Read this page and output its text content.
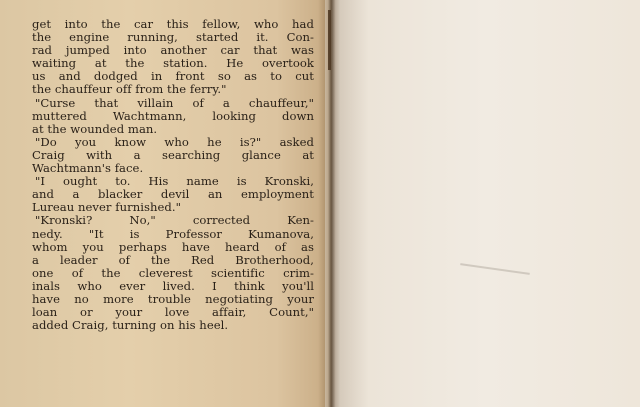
get into the car this fellow, who had
the engine running, started it. Con-
rad jumped into another car that was
waiting at the station. He overtook
us and dodged in front so as to cut
the chauffeur off from the ferry."
"Curse that villain of a chauffeur,"
muttered Wachtmann, looking down
at the wounded man.
"Do you know who he is?" asked
Craig with a searching glance at
Wachtmann's face.
"I ought to. His name is Kronski,
and a blacker devil an employment
Lureau never furnished."
"Kronski? No," corrected Ken-
nedy. "It is Professor Kumanova,
whom you perhaps have heard of as
a leader of the Red Brotherhood,
one of the cleverest scientific crim-
inals who ever lived. I think you'll
have no more trouble negotiating your
loan or your love affair, Count,"
added Craig, turning on his heel.
